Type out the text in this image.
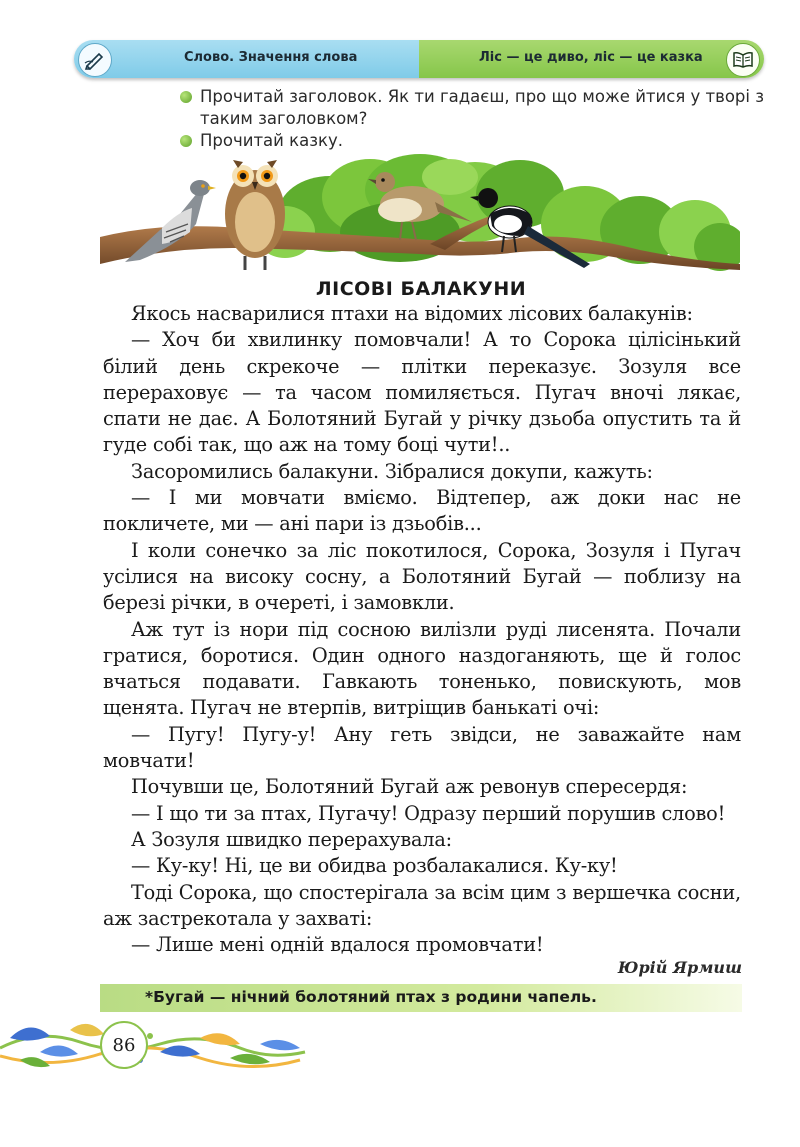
Слово. Значення слова	Ліс — це диво, ліс — це казка
Прочитай заголовок. Як ти гадаєш, про що може йтися у творі з таким заголовком?
Прочитай казку.
ЛІСОВІ БАЛАКУНИ

Якось насварилися птахи на відомих лісових балакунів:

— Хоч би хвилинку помовчали! А то Сорока цілісінький білий день скрекоче — плітки переказує. Зозуля все перераховує — та часом помиляється. Пугач вночі лякає, спати не дає. А Болотяний Бугай у річку дзьоба опустить та й гуде собі так, що аж на тому боці чути!..

Засоромились балакуни. Зібралися докупи, кажуть:

— І ми мовчати вміємо. Відтепер, аж доки нас не покличете, ми — ані пари із дзьобів...

І коли сонечко за ліс покотилося, Сорока, Зозуля і Пугач усілися на високу сосну, а Болотяний Бугай — поблизу на березі річки, в очереті, і замовкли.

Аж тут із нори під сосною вилізли руді лисенята. Почали гратися, боротися. Один одного наздоганяють, ще й голос вчаться подавати. Гавкають тоненько, повискують, мов щенята. Пугач не втерпів, витріщив банькаті очі:

— Пугу! Пугу-у! Ану геть звідси, не заважайте нам мовчати!

Почувши це, Болотяний Бугай аж ревонув спересердя:

— І що ти за птах, Пугачу! Одразу перший порушив слово!

А Зозуля швидко перерахувала:

— Ку-ку! Ні, це ви обидва розбалакалися. Ку-ку!

Тоді Сорока, що спостерігала за всім цим з вершечка сосни, аж застрекотала у захваті:

— Лише мені одній вдалося промовчати!

Юрій Ярмиш
*Бугай — нічний болотяний птах з родини чапель.
86
